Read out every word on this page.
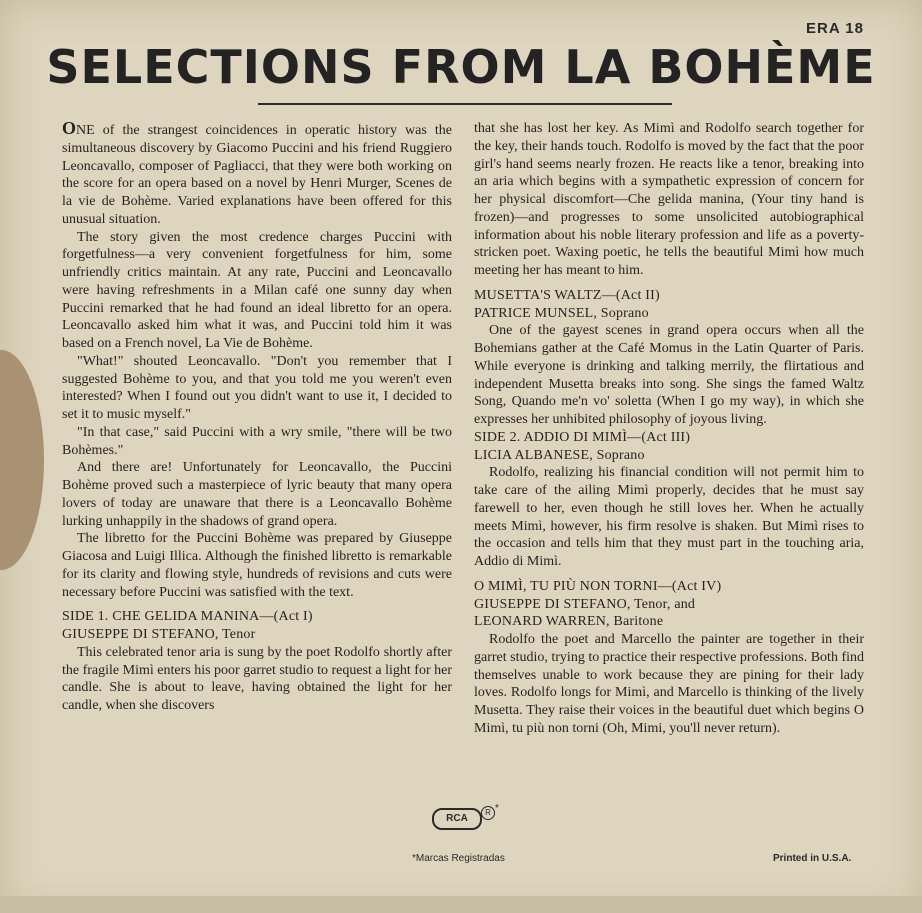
ERA 18
SELECTIONS FROM LA BOHÈME

ONE of the strangest coincidences in operatic history was the simultaneous discovery by Giacomo Puccini and his friend Ruggiero Leoncavallo, composer of Pagliacci, that they were both working on the score for an opera based on a novel by Henri Murger, Scenes de la vie de Bohème. Varied explanations have been offered for this unusual situation.

The story given the most credence charges Puccini with forgetfulness—a very convenient forgetfulness for him, some unfriendly critics maintain. At any rate, Puccini and Leoncavallo were having refreshments in a Milan café one sunny day when Puccini remarked that he had found an ideal libretto for an opera. Leoncavallo asked him what it was, and Puccini told him it was based on a French novel, La Vie de Bohème.

"What!" shouted Leoncavallo. "Don't you remember that I suggested Bohème to you, and that you told me you weren't even interested? When I found out you didn't want to use it, I decided to set it to music myself."

"In that case," said Puccini with a wry smile, "there will be two Bohèmes."

And there are! Unfortunately for Leoncavallo, the Puccini Bohème proved such a masterpiece of lyric beauty that many opera lovers of today are unaware that there is a Leoncavallo Bohème lurking unhappily in the shadows of grand opera.

The libretto for the Puccini Bohème was prepared by Giuseppe Giacosa and Luigi Illica. Although the finished libretto is remarkable for its clarity and flowing style, hundreds of revisions and cuts were necessary before Puccini was satisfied with the text.

SIDE 1. CHE GELIDA MANINA—(Act I)
GIUSEPPE DI STEFANO, Tenor

This celebrated tenor aria is sung by the poet Rodolfo shortly after the fragile Mimì enters his poor garret studio to request a light for her candle. She is about to leave, having obtained the light for her candle, when she discovers

that she has lost her key. As Mimì and Rodolfo search together for the key, their hands touch. Rodolfo is moved by the fact that the poor girl's hand seems nearly frozen. He reacts like a tenor, breaking into an aria which begins with a sympathetic expression of concern for her physical discomfort—Che gelida manina, (Your tiny hand is frozen)—and progresses to some unsolicited autobiographical information about his noble literary profession and life as a poverty-stricken poet. Waxing poetic, he tells the beautiful Mimì how much meeting her has meant to him.

MUSETTA'S WALTZ—(Act II)
PATRICE MUNSEL, Soprano

One of the gayest scenes in grand opera occurs when all the Bohemians gather at the Café Momus in the Latin Quarter of Paris. While everyone is drinking and talking merrily, the flirtatious and independent Musetta breaks into song. She sings the famed Waltz Song, Quando me'n vo' soletta (When I go my way), in which she expresses her unhibited philosophy of joyous living.

SIDE 2. ADDIO DI MIMÌ—(Act III)
LICIA ALBANESE, Soprano

Rodolfo, realizing his financial condition will not permit him to take care of the ailing Mimì properly, decides that he must say farewell to her, even though he still loves her. When he actually meets Mimì, however, his firm resolve is shaken. But Mimì rises to the occasion and tells him that they must part in the touching aria, Addio di Mimì.

O MIMÌ, TU PIÙ NON TORNI—(Act IV)
GIUSEPPE DI STEFANO, Tenor, and
LEONARD WARREN, Baritone

Rodolfo the poet and Marcello the painter are together in their garret studio, trying to practice their respective professions. Both find themselves unable to work because they are pining for their lady loves. Rodolfo longs for Mimì, and Marcello is thinking of the lively Musetta. They raise their voices in the beautiful duet which begins O Mimì, tu più non torni (Oh, Mimi, you'll never return).

RCA
R *
*Marcas Registradas	Printed in U.S.A.
